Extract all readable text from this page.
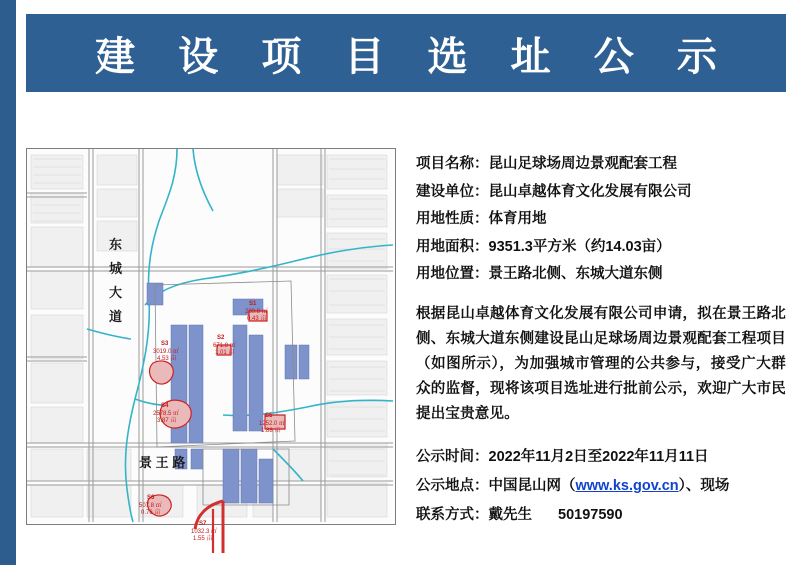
建 设 项 目 选 址 公 示
S1
289.8 ㎡
0.43 亩
S2
671.8 ㎡
1.01 亩
S3
3019.0 ㎡
4.53 亩
S4
2578.5 ㎡
3.87 亩
S5
1252.0 ㎡
1.88 亩
S6
507.8 ㎡
0.76 亩
S7
1032.3 ㎡
1.55 亩
东
城
大
道
景 王 路
项目名称：昆山足球场周边景观配套工程
建设单位：昆山卓越体育文化发展有限公司
用地性质：体育用地
用地面积：9351.3平方米（约14.03亩）
用地位置：景王路北侧、东城大道东侧
根据昆山卓越体育文化发展有限公司申请，拟在景王路北侧、东城大道东侧建设昆山足球场周边景观配套工程项目（如图所示），为加强城市管理的公共参与，接受广大群众的监督，现将该项目选址进行批前公示，欢迎广大市民提出宝贵意见。
公示时间：2022年11月2日至2022年11月11日
公示地点：中国昆山网（www.ks.gov.cn）、现场
联系方式：戴先生 50197590
